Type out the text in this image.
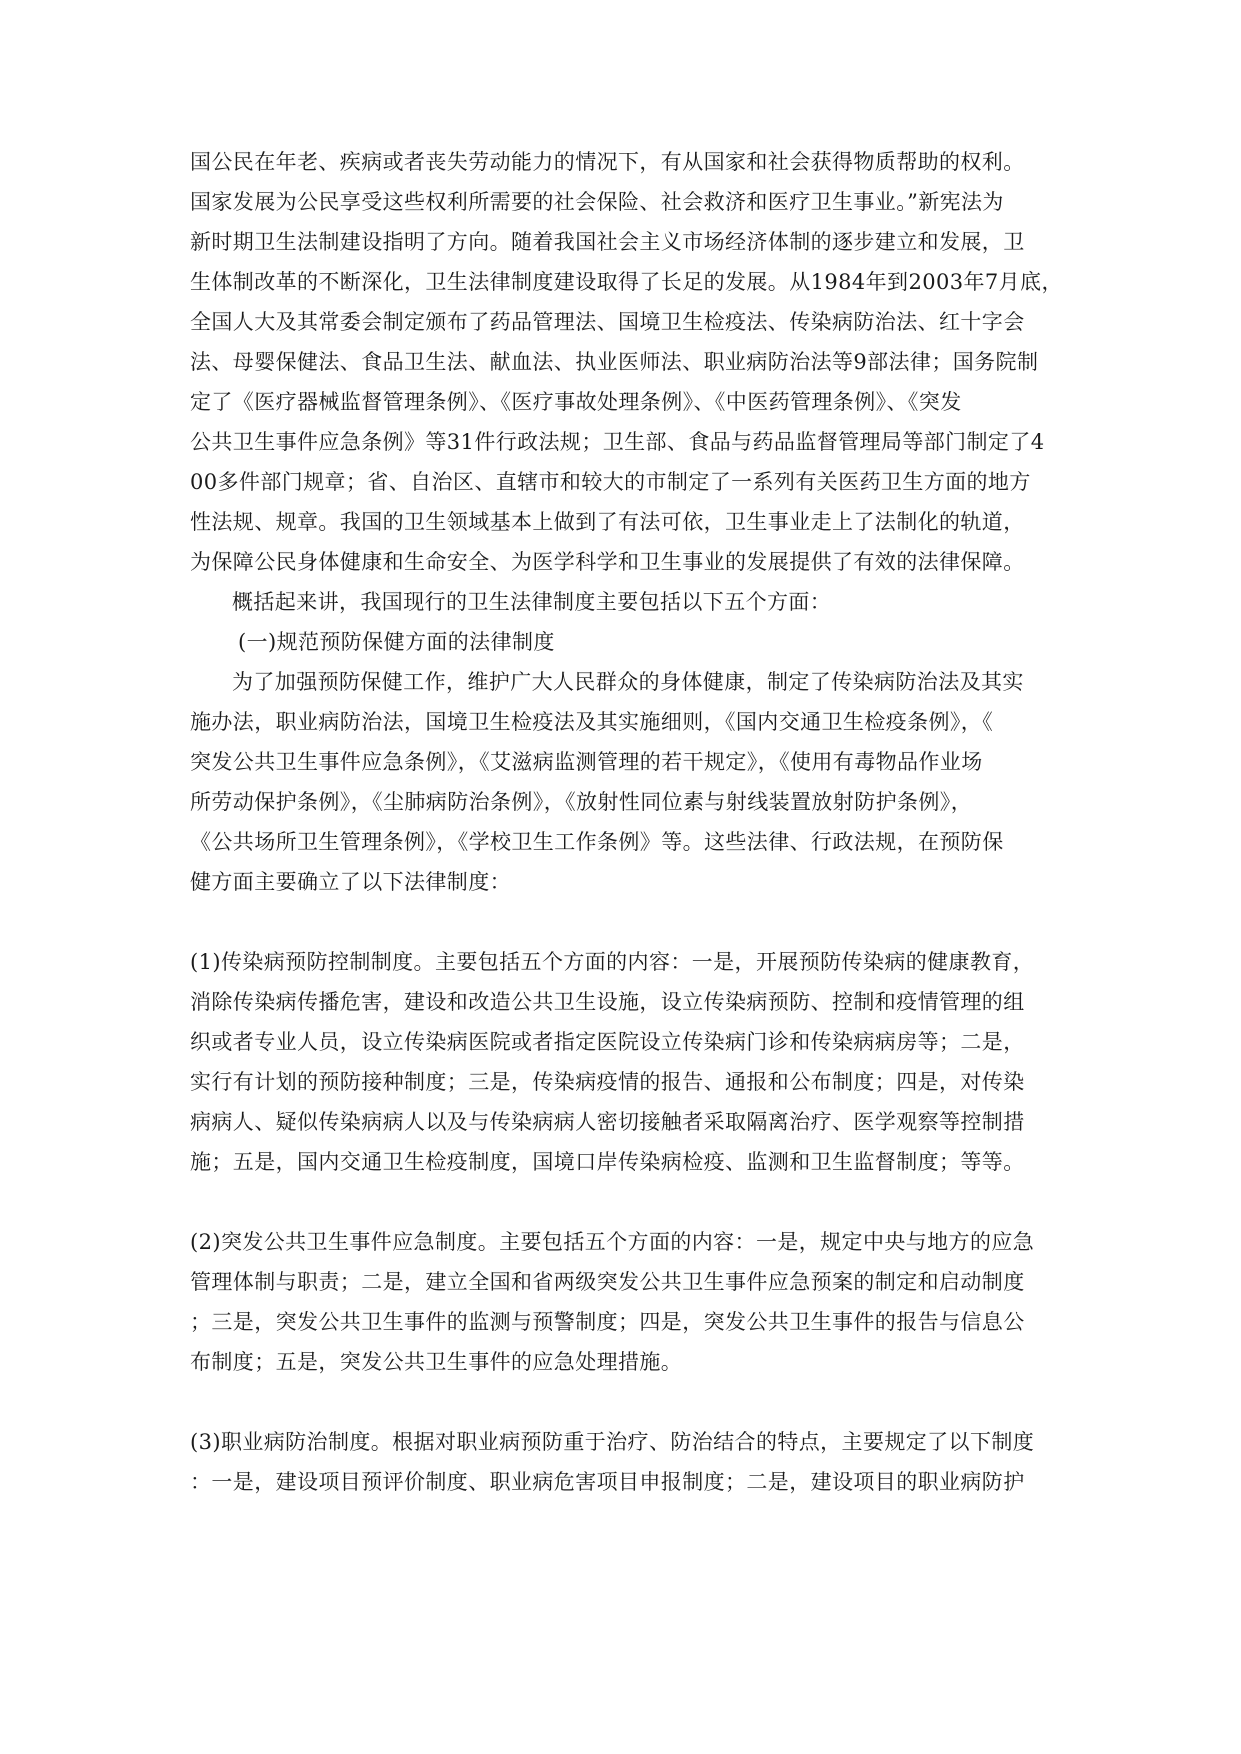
国公民在年老、疾病或者丧失劳动能力的情况下，有从国家和社会获得物质帮助的权利。
国家发展为公民享受这些权利所需要的社会保险、社会救济和医疗卫生事业。”新宪法为
新时期卫生法制建设指明了方向。随着我国社会主义市场经济体制的逐步建立和发展，卫
生体制改革的不断深化，卫生法律制度建设取得了长足的发展。从1984年到2003年7月底，
全国人大及其常委会制定颁布了药品管理法、国境卫生检疫法、传染病防治法、红十字会
法、母婴保健法、食品卫生法、献血法、执业医师法、职业病防治法等9部法律；国务院制
定了《医疗器械监督管理条例》、《医疗事故处理条例》、《中医药管理条例》、《突发
公共卫生事件应急条例》等31件行政法规；卫生部、食品与药品监督管理局等部门制定了4
00多件部门规章；省、自治区、直辖市和较大的市制定了一系列有关医药卫生方面的地方
性法规、规章。我国的卫生领域基本上做到了有法可依，卫生事业走上了法制化的轨道，
为保障公民身体健康和生命安全、为医学科学和卫生事业的发展提供了有效的法律保障。
概括起来讲，我国现行的卫生法律制度主要包括以下五个方面：
(一)规范预防保健方面的法律制度
为了加强预防保健工作，维护广大人民群众的身体健康，制定了传染病防治法及其实
施办法，职业病防治法，国境卫生检疫法及其实施细则，《国内交通卫生检疫条例》，《
突发公共卫生事件应急条例》，《艾滋病监测管理的若干规定》，《使用有毒物品作业场
所劳动保护条例》，《尘肺病防治条例》，《放射性同位素与射线装置放射防护条例》，
《公共场所卫生管理条例》，《学校卫生工作条例》等。这些法律、行政法规，在预防保
健方面主要确立了以下法律制度：
(1)传染病预防控制制度。主要包括五个方面的内容：一是，开展预防传染病的健康教育，
消除传染病传播危害，建设和改造公共卫生设施，设立传染病预防、控制和疫情管理的组
织或者专业人员，设立传染病医院或者指定医院设立传染病门诊和传染病病房等；二是，
实行有计划的预防接种制度；三是，传染病疫情的报告、通报和公布制度；四是，对传染
病病人、疑似传染病病人以及与传染病病人密切接触者采取隔离治疗、医学观察等控制措
施；五是，国内交通卫生检疫制度，国境口岸传染病检疫、监测和卫生监督制度；等等。
(2)突发公共卫生事件应急制度。主要包括五个方面的内容：一是，规定中央与地方的应急
管理体制与职责；二是，建立全国和省两级突发公共卫生事件应急预案的制定和启动制度
；三是，突发公共卫生事件的监测与预警制度；四是，突发公共卫生事件的报告与信息公
布制度；五是，突发公共卫生事件的应急处理措施。
(3)职业病防治制度。根据对职业病预防重于治疗、防治结合的特点，主要规定了以下制度
：一是，建设项目预评价制度、职业病危害项目申报制度；二是，建设项目的职业病防护
